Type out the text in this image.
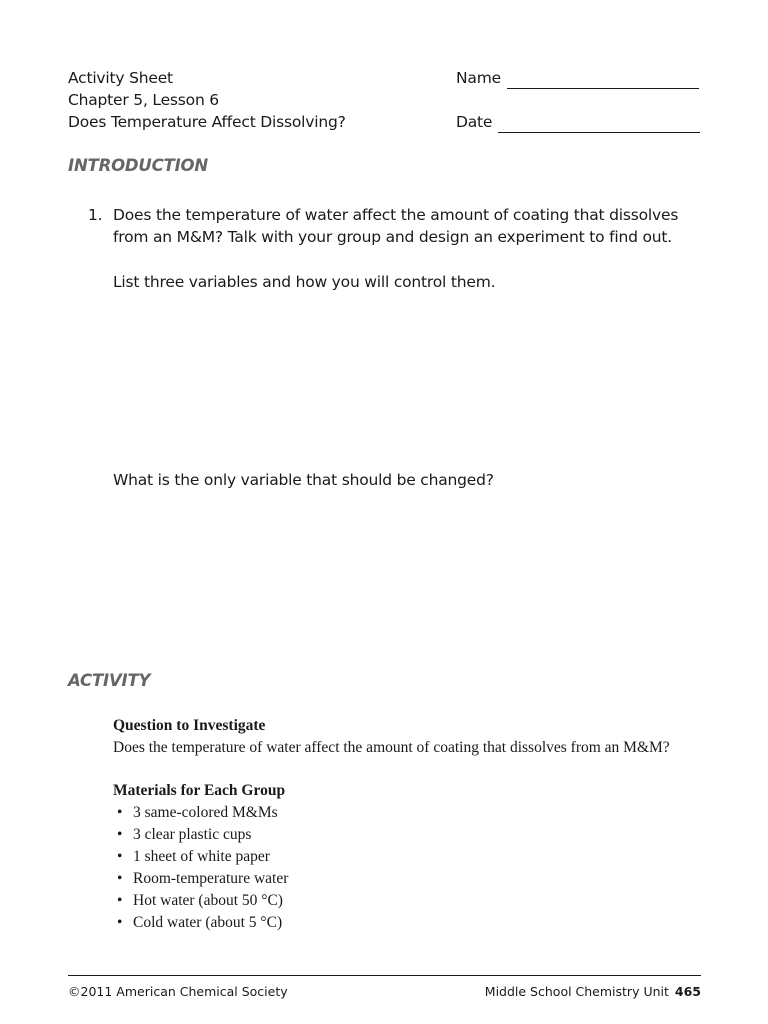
Activity Sheet
Chapter 5, Lesson 6
Does Temperature Affect Dissolving?
Name
Date
INTRODUCTION
1. Does the temperature of water affect the amount of coating that dissolves
from an M&M? Talk with your group and design an experiment to find out.
List three variables and how you will control them.
What is the only variable that should be changed?
ACTIVITY
Question to Investigate
Does the temperature of water affect the amount of coating that dissolves from an M&M?
Materials for Each Group
• 3 same-colored M&Ms
• 3 clear plastic cups
• 1 sheet of white paper
• Room-temperature water
• Hot water (about 50 °C)
• Cold water (about 5 °C)
©2011 American Chemical Society	Middle School Chemistry Unit 465
